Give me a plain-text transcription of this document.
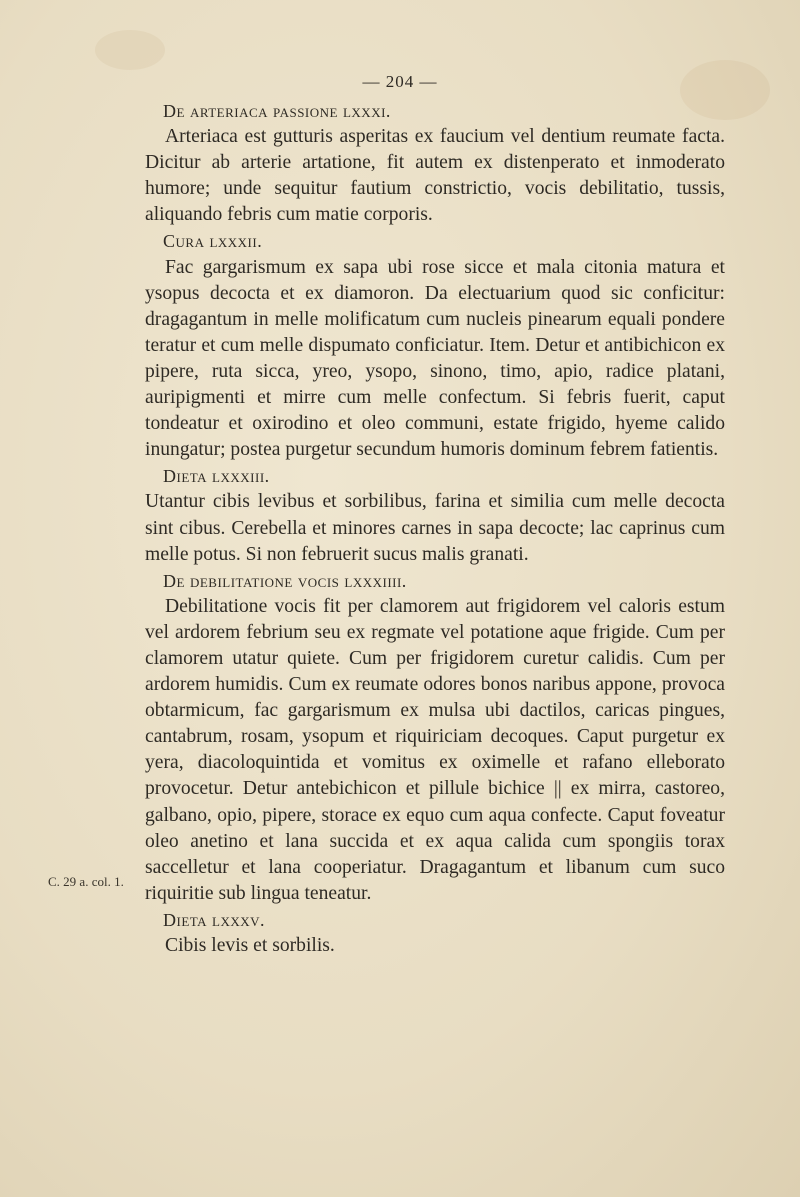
— 204 —
De arteriaca passione lxxxi.
Arteriaca est gutturis asperitas ex faucium vel dentium reumate facta. Dicitur ab arterie artatione, fit autem ex distenperato et inmoderato humore; unde sequitur fautium constrictio, vocis debilitatio, tussis, aliquando febris cum matie corporis.
Cura lxxxii.
Fac gargarismum ex sapa ubi rose sicce et mala citonia matura et ysopus decocta et ex diamoron. Da electuarium quod sic conficitur: dragagantum in melle molificatum cum nucleis pinearum equali pondere teratur et cum melle dispumato conficiatur. Item. Detur et antibichicon ex pipere, ruta sicca, yreo, ysopo, sinono, timo, apio, radice platani, auripigmenti et mirre cum melle confectum. Si febris fuerit, caput tondeatur et oxirodino et oleo communi, estate frigido, hyeme calido inungatur; postea purgetur secundum humoris dominum febrem fatientis.
Dieta lxxxiii.
Utantur cibis levibus et sorbilibus, farina et similia cum melle decocta sint cibus. Cerebella et minores carnes in sapa decocte; lac caprinus cum melle potus. Si non februerit sucus malis granati.
De debilitatione vocis lxxxiiii.
Debilitatione vocis fit per clamorem aut frigidorem vel caloris estum vel ardorem febrium seu ex regmate vel potatione aque frigide. Cum per clamorem utatur quiete. Cum per frigidorem curetur calidis. Cum per ardorem humidis. Cum ex reumate odores bonos naribus appone, provoca obtarmicum, fac gargarismum ex mulsa ubi dactilos, caricas pingues, cantabrum, rosam, ysopum et riquiriciam decoques. Caput purgetur ex yera, diacoloquintida et vomitus ex oximelle et rafano elleborato provocetur. Detur antebichicon et pillule bichice || ex mirra, castoreo, galbano, opio, pipere, storace ex equo cum aqua confecte. Caput foveatur oleo anetino et lana succida et ex aqua calida cum spongiis torax saccelletur et lana cooperiatur. Dragagantum et libanum cum suco riquiritie sub lingua teneatur.
Dieta lxxxv.
Cibis levis et sorbilis.
C. 29 a. col. 1.
